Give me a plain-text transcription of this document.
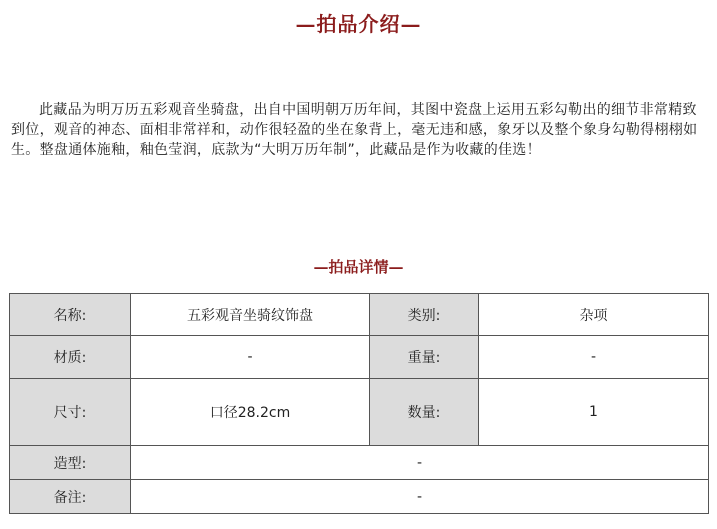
—拍品介绍—

此藏品为明万历五彩观音坐骑盘，出自中国明朝万历年间，其图中瓷盘上运用五彩勾勒出的细节非常精致到位，观音的神态、面相非常祥和，动作很轻盈的坐在象背上，毫无违和感，象牙以及整个象身勾勒得栩栩如生。整盘通体施釉，釉色莹润，底款为“大明万历年制”，此藏品是作为收藏的佳选！

—拍品详情—
名称:	五彩观音坐骑纹饰盘	类别:	杂项
材质:	-	重量:	-
尺寸:	口径28.2cm	数量:	1
造型:	-		
备注:	-		
